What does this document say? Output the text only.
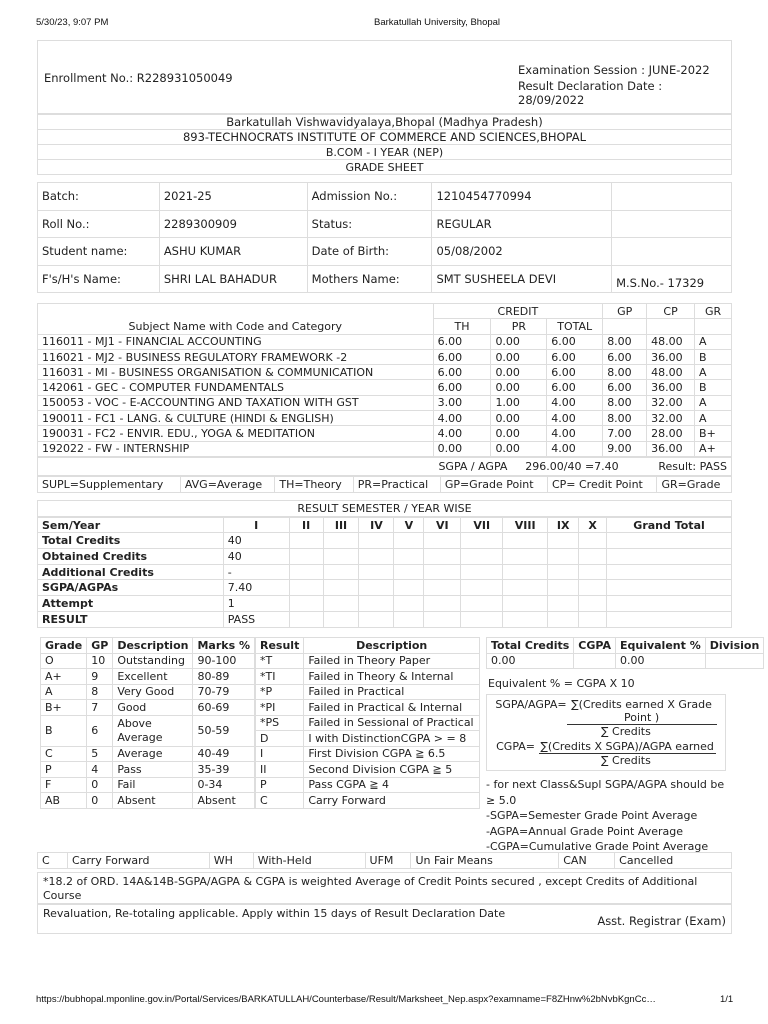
5/30/23, 9:07 PM	Barkatullah University, Bhopal
Enrollment No.: R228931050049
Examination Session : JUNE-2022
Result Declaration Date : 28/09/2022
Barkatullah Vishwavidyalaya,Bhopal (Madhya Pradesh)
893-TECHNOCRATS INSTITUTE OF COMMERCE AND SCIENCES,BHOPAL
B.COM - I YEAR (NEP)
GRADE SHEET
Batch:	2021-25	Admission No.:	1210454770994	
Roll No.:	2289300909	Status:	REGULAR	
Student name:	ASHU KUMAR	Date of Birth:	05/08/2002	
F's/H's Name:	SHRI LAL BAHADUR	Mothers Name:	SMT SUSHEELA DEVI	M.S.No.- 17329
	CREDIT			GP	CP	GR
Subject Name with Code and Category	TH	PR	TOTAL			
116011 - MJ1 - FINANCIAL ACCOUNTING	6.00	0.00	6.00	8.00	48.00	A
116021 - MJ2 - BUSINESS REGULATORY FRAMEWORK -2	6.00	0.00	6.00	6.00	36.00	B
116031 - MI - BUSINESS ORGANISATION & COMMUNICATION	6.00	0.00	6.00	8.00	48.00	A
142061 - GEC - COMPUTER FUNDAMENTALS	6.00	0.00	6.00	6.00	36.00	B
150053 - VOC - E-ACCOUNTING AND TAXATION WITH GST	3.00	1.00	4.00	8.00	32.00	A
190011 - FC1 - LANG. & CULTURE (HINDI & ENGLISH)	4.00	0.00	4.00	8.00	32.00	A
190031 - FC2 - ENVIR. EDU., YOGA & MEDITATION	4.00	0.00	4.00	7.00	28.00	B+
192022 - FW - INTERNSHIP	0.00	0.00	4.00	9.00	36.00	A+
	SGPA / AGPA	296.00/40 =7.40	Result: PASS
SUPL=Supplementary	AVG=Average	TH=Theory	PR=Practical	GP=Grade Point	CP= Credit Point	GR=Grade
RESULT SEMESTER / YEAR WISE
Sem/Year	I	II	III	IV	V	VI	VII	VIII	IX	X	Grand Total
Total Credits	40										
Obtained Credits	40										
Additional Credits	-										
SGPA/AGPAs	7.40										
Attempt	1										
RESULT	PASS										
Grade	GP	Description	Marks %
O	10	Outstanding	90-100
A+	9	Excellent	80-89
A	8	Very Good	70-79
B+	7	Good	60-69
B	6	Above Average	50-59
C	5	Average	40-49
P	4	Pass	35-39
F	0	Fail	0-34
AB	0	Absent	Absent
Result	Description
*T	Failed in Theory Paper
*TI	Failed in Theory & Internal
*P	Failed in Practical
*PI	Failed in Practical & Internal
*PS	Failed in Sessional of Practical
D	I with DistinctionCGPA > = 8
I	First Division CGPA ≧ 6.5
II	Second Division CGPA ≧ 5
P	Pass CGPA ≧ 4
C	Carry Forward
Total Credits	CGPA	Equivalent %	Division
0.00		0.00	
Equivalent % = CGPA X 10
SGPA/AGPA= ∑(Credits earned X Grade Point )
∑ Credits
CGPA= ∑(Credits X SGPA)/AGPA earned
∑ Credits
- for next Class&Supl SGPA/AGPA should be ≥ 5.0
-SGPA=Semester Grade Point Average
-AGPA=Annual Grade Point Average
-CGPA=Cumulative Grade Point Average
C	Carry Forward	WH	With-Held	UFM	Un Fair Means	CAN	Cancelled
*18.2 of ORD. 14A&14B-SGPA/AGPA & CGPA is weighted Average of Credit Points secured , except Credits of Additional Course
Revaluation, Re-totaling applicable. Apply within 15 days of Result Declaration Date
Asst. Registrar (Exam)
https://bubhopal.mponline.gov.in/Portal/Services/BARKATULLAH/Counterbase/Result/Marksheet_Nep.aspx?examname=F8ZHnw%2bNvbKgnCc…	1/1
